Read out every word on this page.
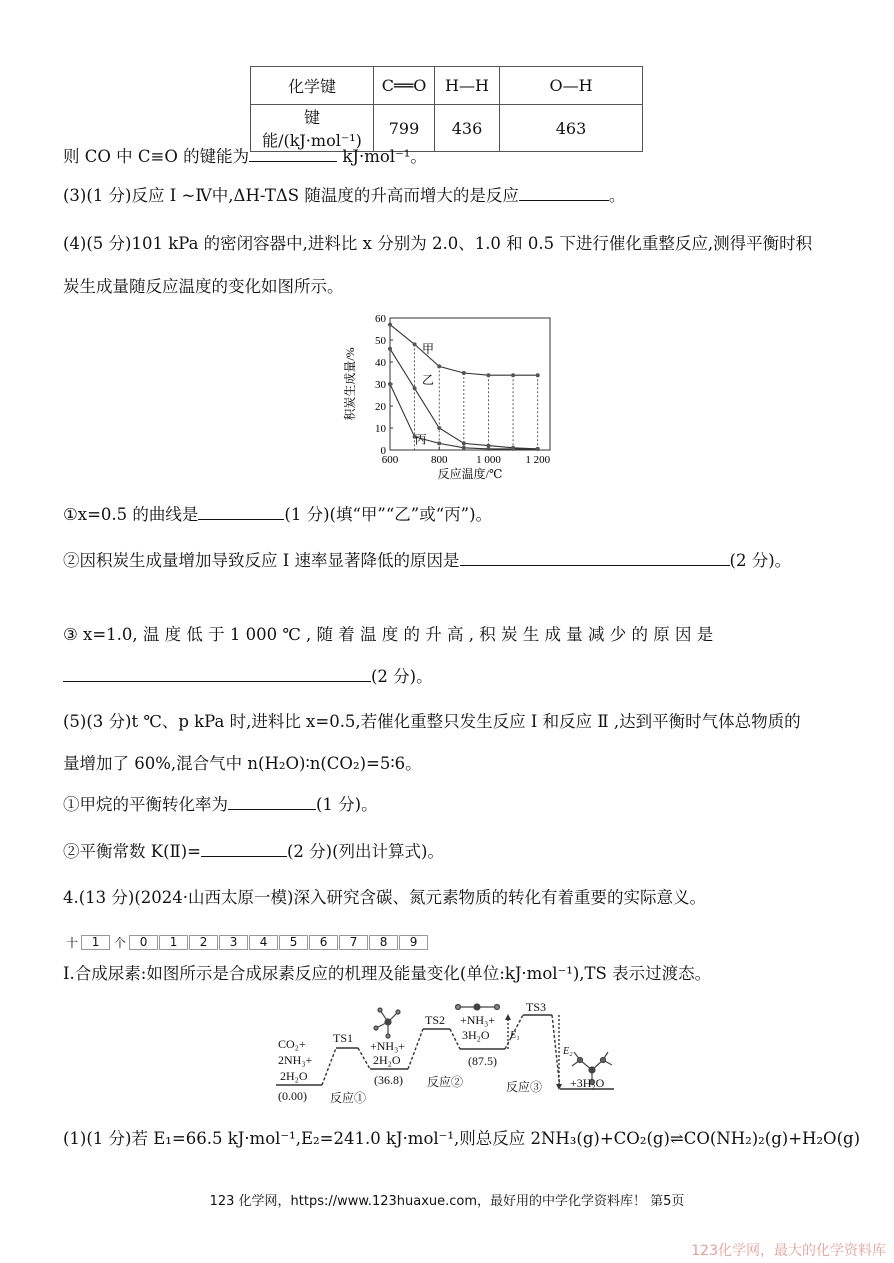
化学键	C══O	H—H	O—H
键能/(kJ·mol⁻¹)	799	436	463
则 CO 中 C≡O 的键能为	kJ·mol⁻¹。
(3)(1 分)反应 Ⅰ ~Ⅳ中,ΔH-TΔS 随温度的升高而增大的是反应	。
(4)(5 分)101 kPa 的密闭容器中,进料比 x 分别为 2.0、1.0 和 0.5 下进行催化重整反应,测得平衡时积
炭生成量随反应温度的变化如图所示。
0
10
20
30
40
50
60
600	800	1 000 1 200
甲
乙
丙
反应温度/℃
积炭生成量/%
①x=0.5 的曲线是	(1 分)(填“甲”“乙”或“丙”)。
②因积炭生成量增加导致反应 Ⅰ 速率显著降低的原因是	(2 分)。
③ x=1.0, 温 度 低 于 1 000 ℃ , 随 着 温 度 的 升 高 , 积 炭 生 成 量 减 少 的 原 因 是
(2 分)。
(5)(3 分)t ℃、p kPa 时,进料比 x=0.5,若催化重整只发生反应 Ⅰ 和反应 Ⅱ ,达到平衡时气体总物质的
量增加了 60%,混合气中 n(H₂O)∶n(CO₂)=5∶6。
①甲烷的平衡转化率为	(1 分)。
②平衡常数 K(Ⅱ)=	(2 分)(列出计算式)。
4.(13 分)(2024·山西太原一模)深入研究含碳、氮元素物质的转化有着重要的实际意义。
十	1	个	0	1	2	3	4	5	6	7	8	9
Ⅰ.合成尿素:如图所示是合成尿素反应的机理及能量变化(单位:kJ·mol⁻¹),TS 表示过渡态。
CO₂+
2NH₃+
2H₂O
(0.00)
TS1
+NH₃+
2H₂O
(36.8)
反应①
TS2 +NH₃+
3H₂O
(87.5)
反应②
TS3
E₁
E₂
反应③ +3H₂O
(1)(1 分)若 E₁=66.5 kJ·mol⁻¹,E₂=241.0 kJ·mol⁻¹,则总反应 2NH₃(g)+CO₂(g)⇌CO(NH₂)₂(g)+H₂O(g)
123 化学网，https://www.123huaxue.com，最好用的中学化学资料库！ 第5页
123化学网，最大的化学资料库
